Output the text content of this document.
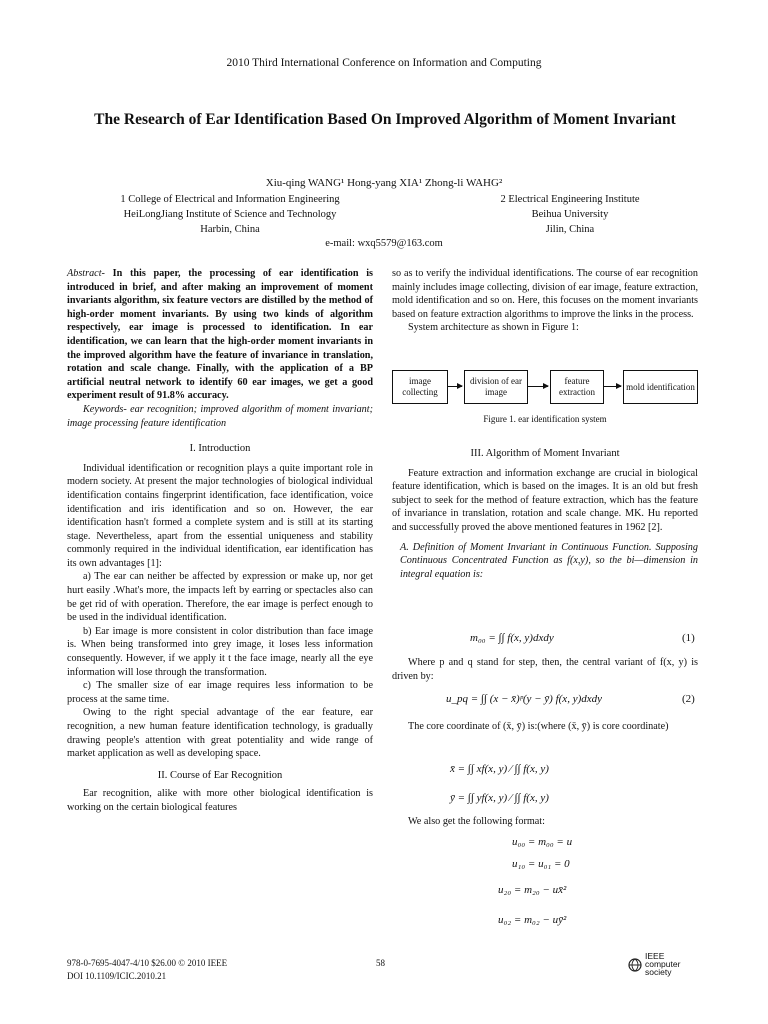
2010 Third International Conference on Information and Computing
The Research of Ear Identification Based On Improved Algorithm of Moment Invariant
Xiu-qing WANG¹ Hong-yang XIA¹ Zhong-li WAHG²
1 College of Electrical and Information Engineering
HeiLongJiang Institute of Science and Technology
Harbin, China
2 Electrical Engineering Institute
Beihua University
Jilin, China
e-mail: wxq5579@163.com

Abstract- In this paper, the processing of ear identification is introduced in brief, and after making an improvement of moment invariants algorithm, six feature vectors are distilled by the method of high-order moment invariants. By using two kinds of algorithm respectively, ear image is processed to identification. In ear identification, we can learn that the high-order moment invariants in the improved algorithm have the feature of invariance in translation, rotation and scale change. Finally, with the application of a BP artificial neutral network to identify 60 ear images, we get a good experiment result of 91.8% accuracy.

Keywords- ear recognition; improved algorithm of moment invariant; image processing feature identification

I. Introduction

Individual identification or recognition plays a quite important role in modern society. At present the major technologies of biological individual identification contains fingerprint identification, face identification, voice identification and iris identification and so on. However, the ear identification hasn't formed a complete system and is still at its starting stage. Nevertheless, apart from the essential uniqueness and stability commonly required in the individual identification, ear identification has its own advantages [1]:

a) The ear can neither be affected by expression or make up, nor get hurt easily .What's more, the impacts left by earring or spectacles also can be get rid of with operation. Therefore, the ear image is perfect enough to be used in the individual identification.

b) Ear image is more consistent in color distribution than face image is. When being transformed into grey image, it loses less information consequently. However, if we apply it t the face image, nearly all the eye information will lose through the transformation.

c) The smaller size of ear image requires less information to be process at the same time.

Owing to the right special advantage of the ear feature, ear recognition, a new human feature identification technology, is gradually drawing people's attention with great potentiality and wide range of market application as well as developing space.

II. Course of Ear Recognition

Ear recognition, alike with more other biological identification is working on the certain biological features

so as to verify the individual identifications. The course of ear recognition mainly includes image collecting, division of ear image, feature extraction, mold identification and so on. Here, this focuses on the moment invariants based on feature extraction algorithms to improve the links in the process.

System architecture as shown in Figure 1:

image collecting
division of ear image
feature extraction
mold identification
Figure 1. ear identification system

III. Algorithm of Moment Invariant

Feature extraction and information exchange are crucial in biological feature identification, which is based on the images. It is an old but fresh subject to seek for the method of feature extraction, which has the feature of invariance in translation, rotation and scale change. MK. Hu reported and successfully proved the above mentioned features in 1962 [2].

A. Definition of Moment Invariant in Continuous Function. Supposing Continuous Concentrated Function as f(x,y), so the bi—dimension in integral equation is:

m₀₀ = ∫∫ f(x, y)dxdy	(1)

Where p and q stand for step, then, the central variant of f(x, y) is driven by:

u_pq = ∫∫ (x − x̄)ᵖ(y − ȳ) f(x, y)dxdy	(2)

The core coordinate of (x̄, ȳ) is:(where (x̄, ȳ) is core coordinate)

x̄ = ∫∫ xf(x, y) ⁄ ∫∫ f(x, y)
ȳ = ∫∫ yf(x, y) ⁄ ∫∫ f(x, y)

We also get the following format:

u₀₀ = m₀₀ = u
u₁₀ = u₀₁ = 0
u₂₀ = m₂₀ − ux̄²
u₀₂ = m₀₂ − uȳ²
978-0-7695-4047-4/10 $26.00 © 2010 IEEE
DOI 10.1109/ICIC.2010.21
58
IEEE computer society
